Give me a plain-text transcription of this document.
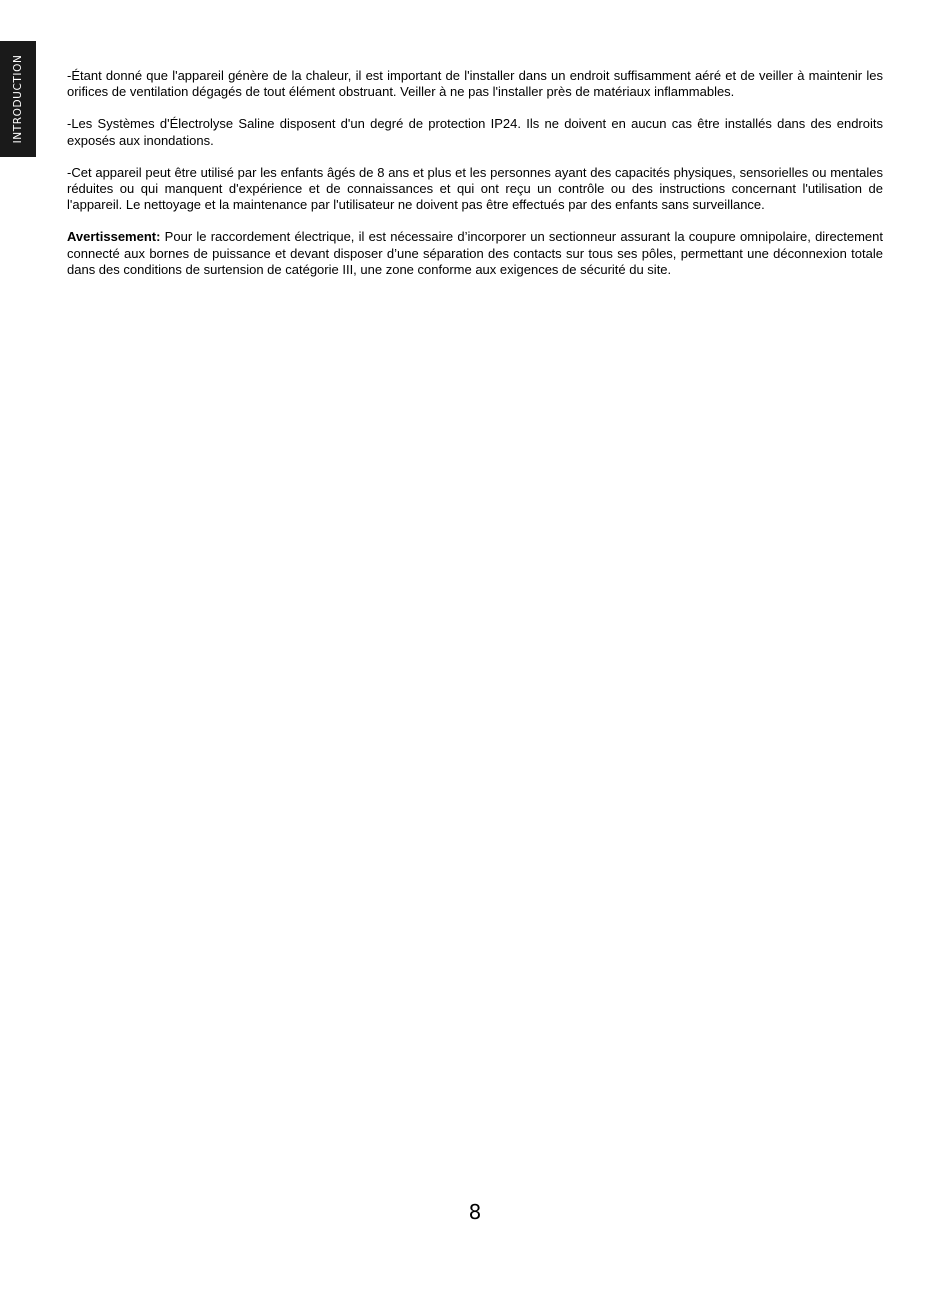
INTRODUCTION	-Étant donné que l'appareil génère de la chaleur, il est important de l'installer dans un endroit suffisamment aéré et de veiller à maintenir les orifices de ventilation dégagés de tout élément obstruant. Veiller à ne pas l'installer près de matériaux inflammables.

-Les Systèmes d'Électrolyse Saline disposent d'un degré de protection IP24. Ils ne doivent en aucun cas être installés dans des endroits exposés aux inondations.

-Cet appareil peut être utilisé par les enfants âgés de 8 ans et plus et les personnes ayant des capacités physiques, sensorielles ou mentales réduites ou qui manquent d'expérience et de connaissances et qui ont reçu un contrôle ou des instructions concernant l'utilisation de l'appareil. Le nettoyage et la maintenance par l'utilisateur ne doivent pas être effectués par des enfants sans surveillance.

Avertissement: Pour le raccordement électrique, il est nécessaire d’incorporer un sectionneur assurant la coupure omnipolaire, directement connecté aux bornes de puissance et devant disposer d’une séparation des contacts sur tous ses pôles, permettant une déconnexion totale dans des conditions de surtension de catégorie III, une zone conforme aux exigences de sécurité du site.

8
